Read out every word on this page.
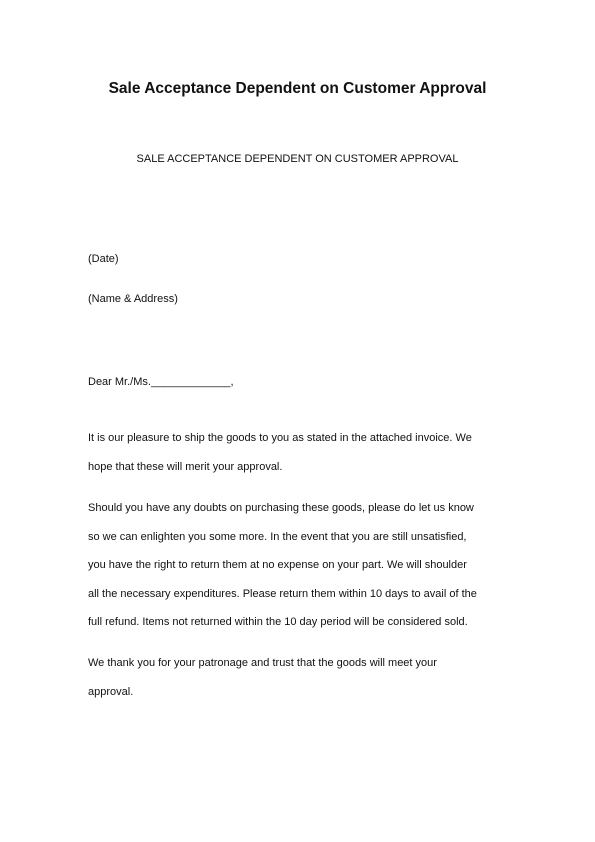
Sale Acceptance Dependent on Customer Approval
SALE ACCEPTANCE DEPENDENT ON CUSTOMER APPROVAL
(Date)
(Name & Address)
Dear Mr./Ms._____________,
It is our pleasure to ship the goods to you as stated in the attached invoice. We
hope that these will merit your approval.
Should you have any doubts on purchasing these goods, please do let us know
so we can enlighten you some more. In the event that you are still unsatisfied,
you have the right to return them at no expense on your part. We will shoulder
all the necessary expenditures. Please return them within 10 days to avail of the
full refund. Items not returned within the 10 day period will be considered sold.
We thank you for your patronage and trust that the goods will meet your
approval.
